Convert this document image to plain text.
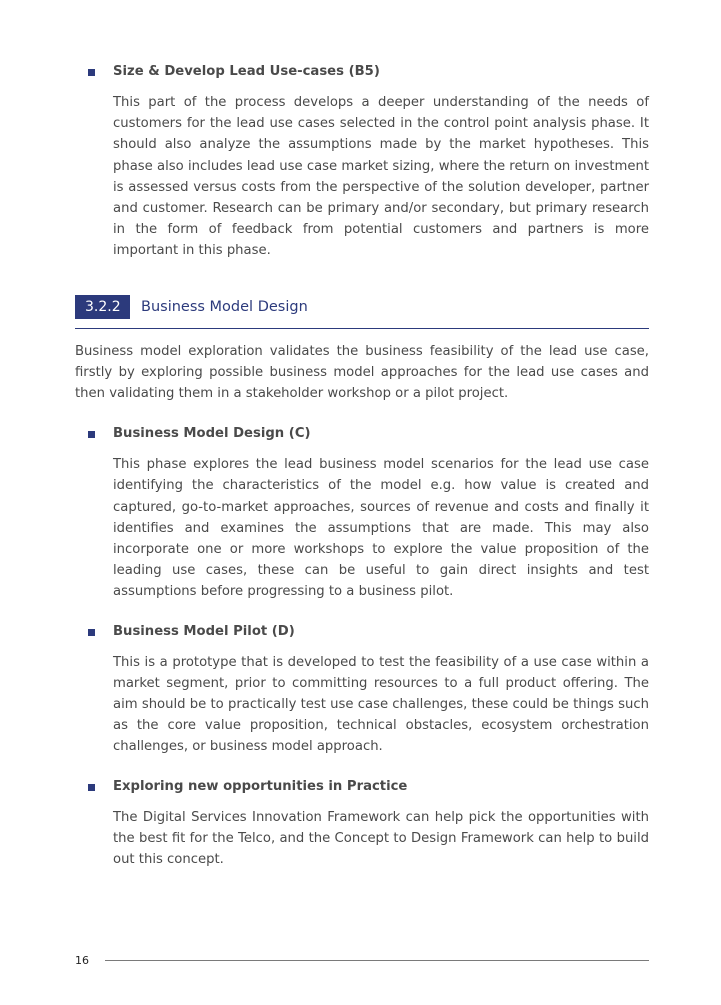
Size & Develop Lead Use-cases (B5)
This part of the process develops a deeper understanding of the needs of customers for the lead use cases selected in the control point analysis phase. It should also analyze the assumptions made by the market hypotheses. This phase also includes lead use case market sizing, where the return on investment is assessed versus costs from the perspective of the solution developer, partner and customer. Research can be primary and/or secondary, but primary research in the form of feedback from potential customers and partners is more important in this phase.
3.2.2	Business Model Design
Business model exploration validates the business feasibility of the lead use case, firstly by exploring possible business model approaches for the lead use cases and then validating them in a stakeholder workshop or a pilot project.
Business Model Design (C)
This phase explores the lead business model scenarios for the lead use case identifying the characteristics of the model e.g. how value is created and captured, go-to-market approaches, sources of revenue and costs and finally it identifies and examines the assumptions that are made. This may also incorporate one or more workshops to explore the value proposition of the leading use cases, these can be useful to gain direct insights and test assumptions before progressing to a business pilot.
Business Model Pilot (D)
This is a prototype that is developed to test the feasibility of a use case within a market segment, prior to committing resources to a full product offering. The aim should be to practically test use case challenges, these could be things such as the core value proposition, technical obstacles, ecosystem orchestration challenges, or business model approach.
Exploring new opportunities in Practice
The Digital Services Innovation Framework can help pick the opportunities with the best fit for the Telco, and the Concept to Design Framework can help to build out this concept.
16
